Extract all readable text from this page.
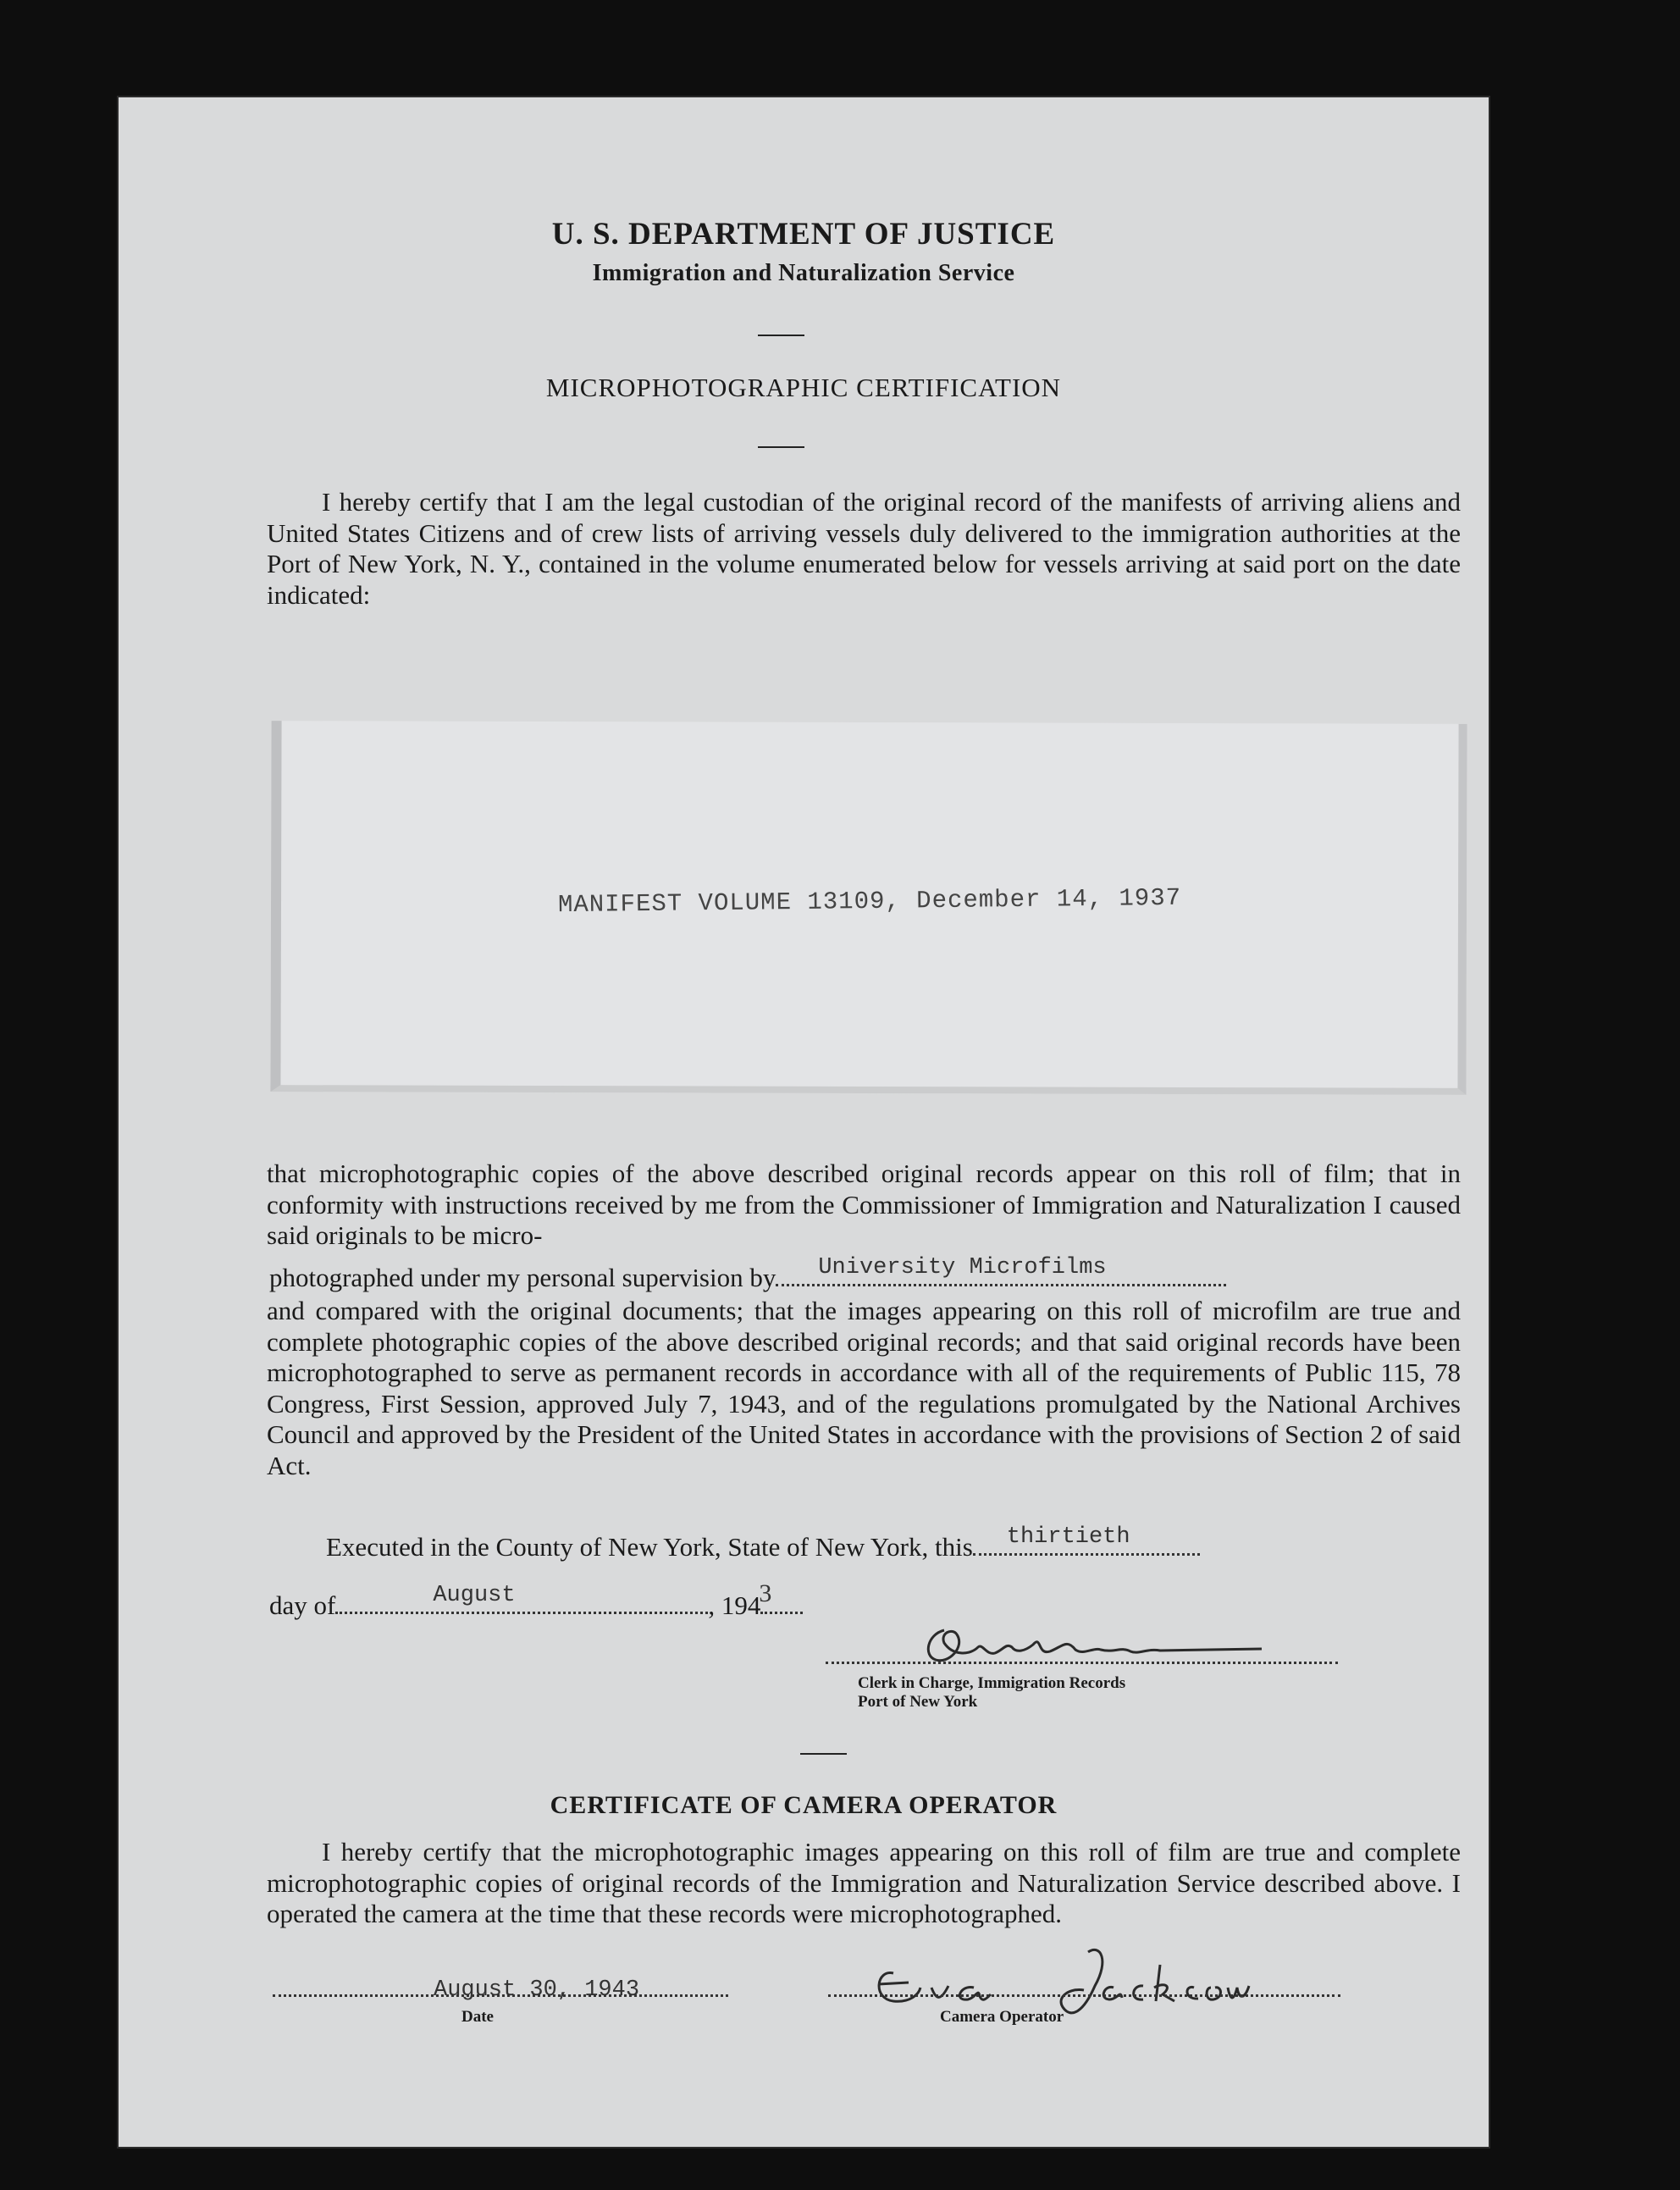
U. S. DEPARTMENT OF JUSTICE
Immigration and Naturalization Service
MICROPHOTOGRAPHIC CERTIFICATION
I hereby certify that I am the legal custodian of the original record of the manifests of arriving aliens and United States Citizens and of crew lists of arriving vessels duly delivered to the immigration authorities at the Port of New York, N. Y., contained in the volume enumerated below for vessels arriving at said port on the date indicated:
MANIFEST VOLUME 13109, December 14, 1937
that microphotographic copies of the above described original records appear on this roll of film; that in conformity with instructions received by me from the Commissioner of Immigration and Naturalization I caused said originals to be micro-
photographed under my personal supervision by University Microfilms
and compared with the original documents; that the images appearing on this roll of microfilm are true and complete photographic copies of the above described original records; and that said original records have been microphotographed to serve as permanent records in accordance with all of the requirements of Public 115, 78 Congress, First Session, approved July 7, 1943, and of the regulations promulgated by the National Archives Council and approved by the President of the United States in accordance with the provisions of Section 2 of said Act.
Executed in the County of New York, State of New York, this thirtieth
day of	August	, 194
3
Clerk in Charge, Immigration Records
Port of New York
CERTIFICATE OF CAMERA OPERATOR
I hereby certify that the microphotographic images appearing on this roll of film are true and complete microphotographic copies of original records of the Immigration and Naturalization Service described above. I operated the camera at the time that these records were microphotographed.
August 30, 1943
Date	Camera Operator
